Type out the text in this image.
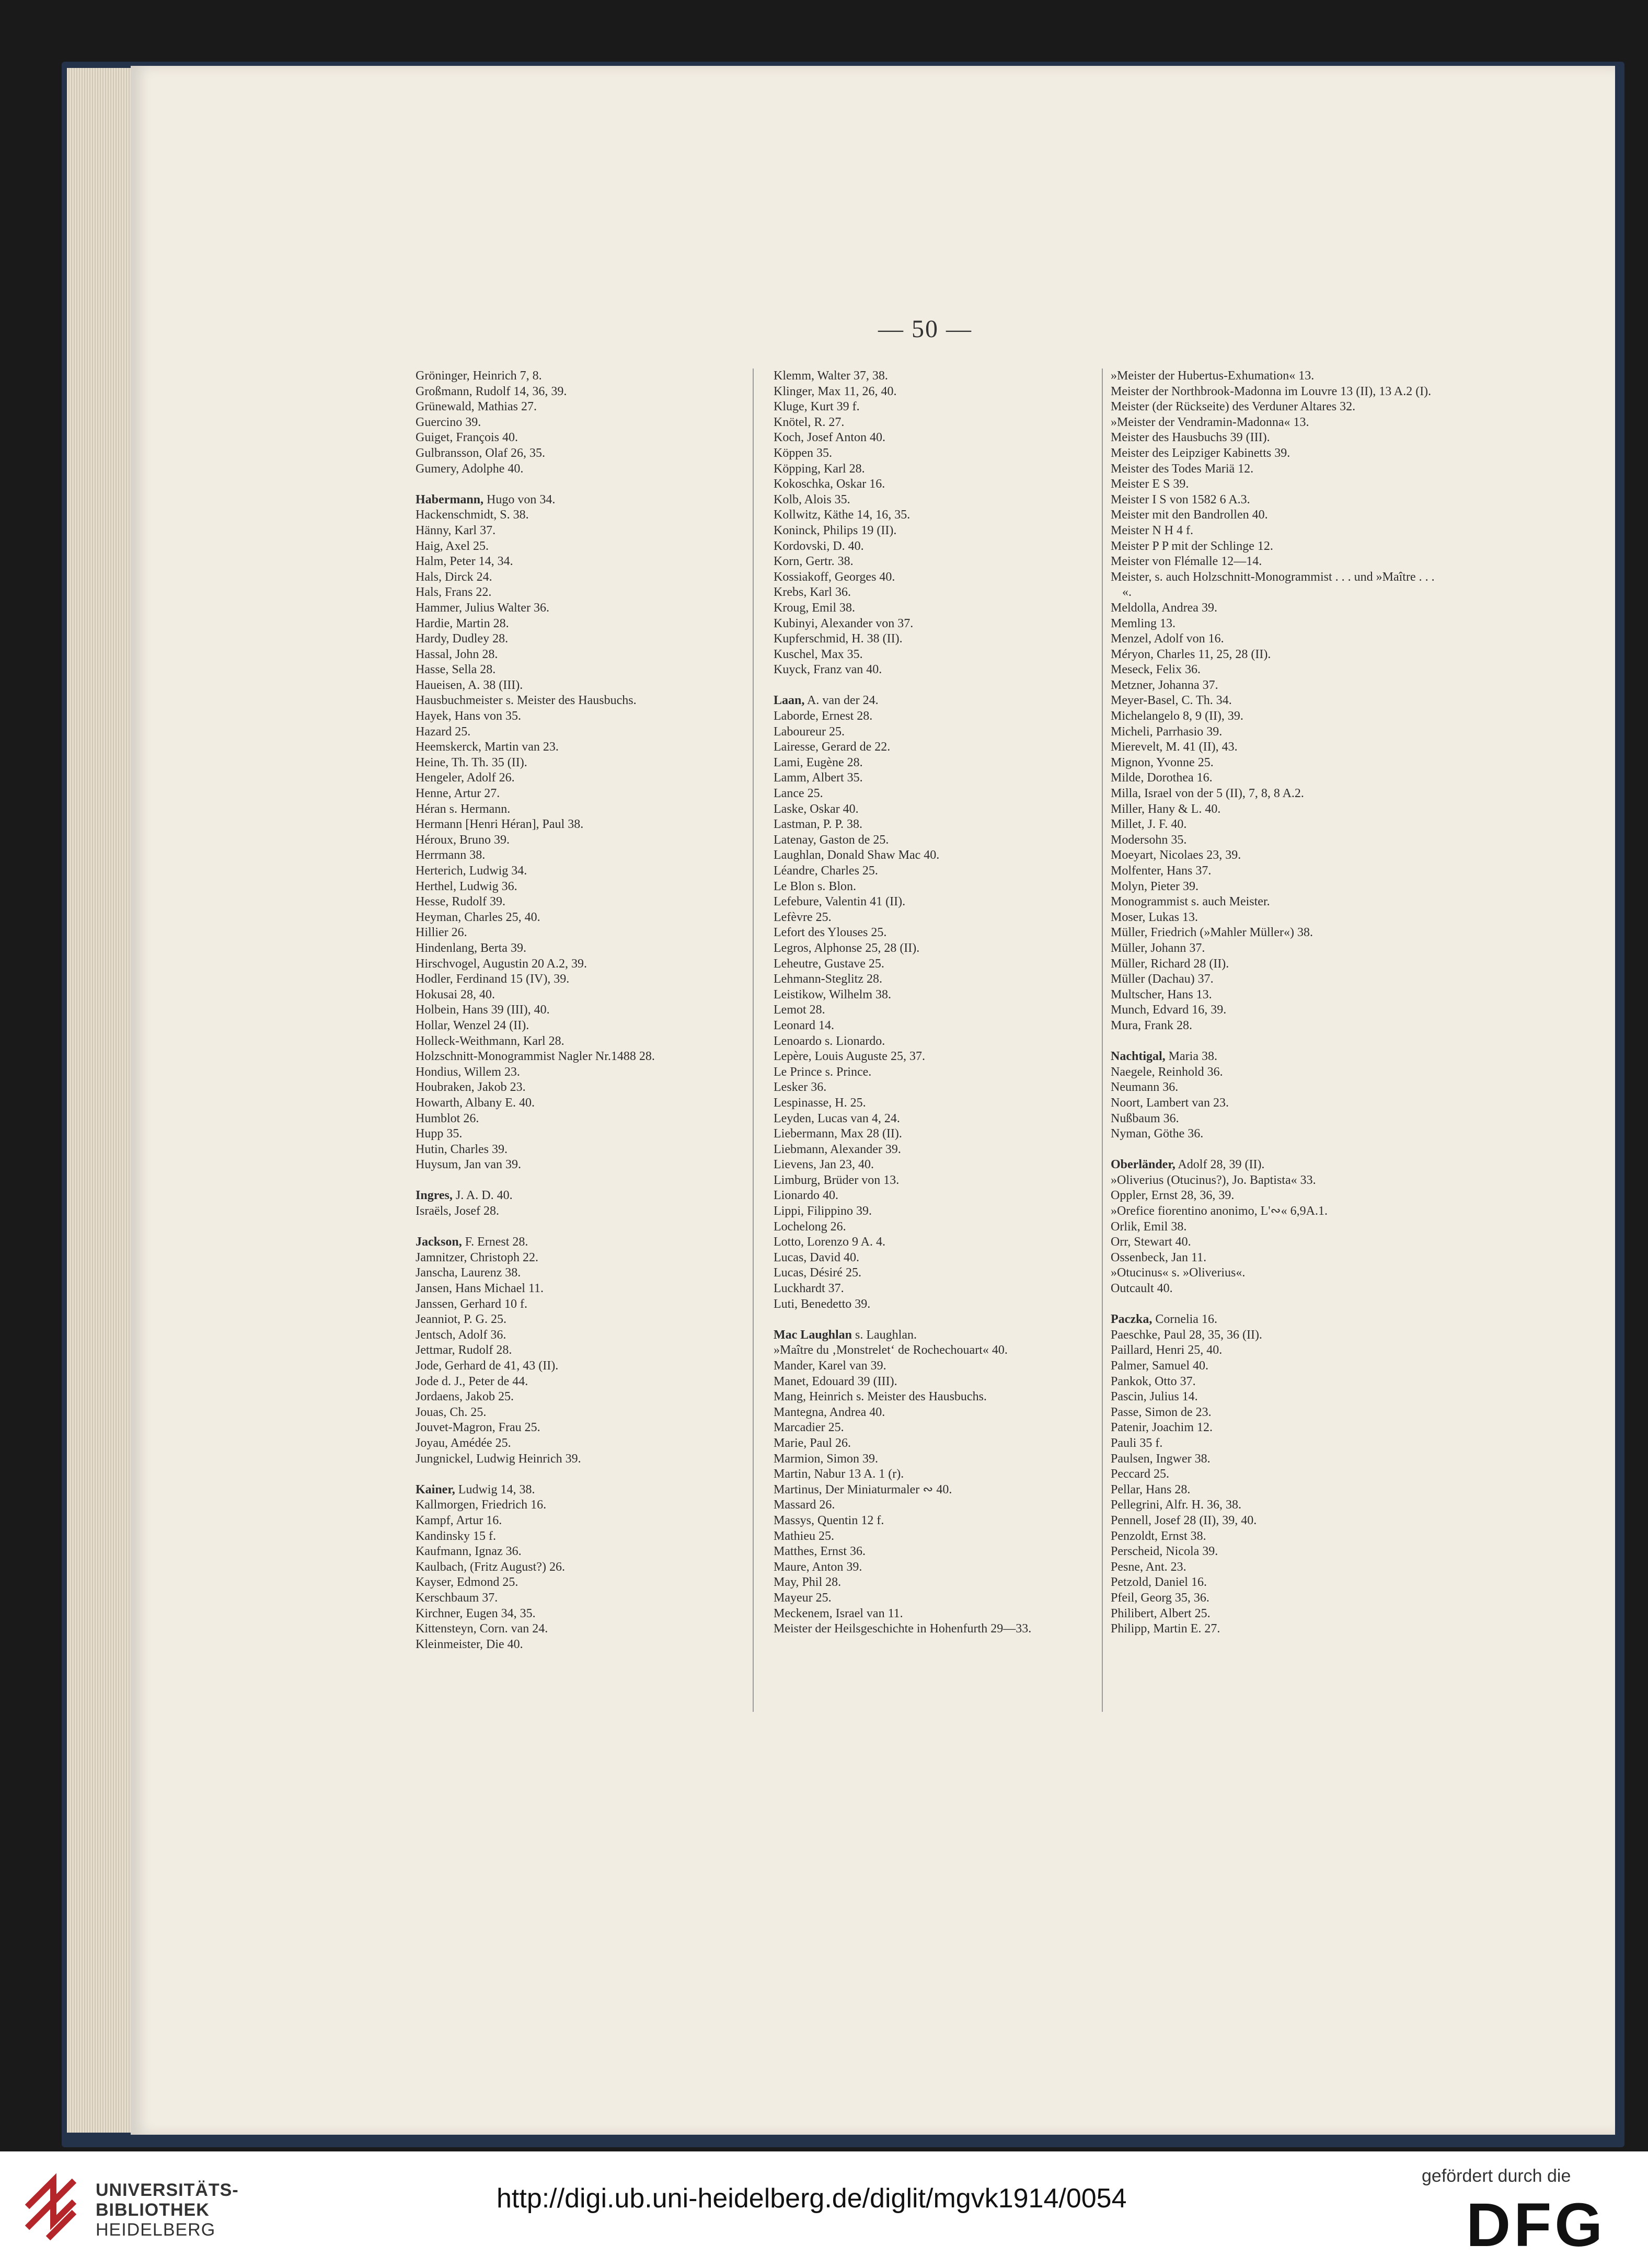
— 50 —
Gröninger, Heinrich 7, 8.
Großmann, Rudolf 14, 36, 39.
Grünewald, Mathias 27.
Guercino 39.
Guiget, François 40.
Gulbransson, Olaf 26, 35.
Gumery, Adolphe 40.
Habermann, Hugo von 34.
Hackenschmidt, S. 38.
Hänny, Karl 37.
Haig, Axel 25.
Halm, Peter 14, 34.
Hals, Dirck 24.
Hals, Frans 22.
Hammer, Julius Walter 36.
Hardie, Martin 28.
Hardy, Dudley 28.
Hassal, John 28.
Hasse, Sella 28.
Haueisen, A. 38 (III).
Hausbuchmeister s. Meister des Hausbuchs.
Hayek, Hans von 35.
Hazard 25.
Heemskerck, Martin van 23.
Heine, Th. Th. 35 (II).
Hengeler, Adolf 26.
Henne, Artur 27.
Héran s. Hermann.
Hermann [Henri Héran], Paul 38.
Héroux, Bruno 39.
Herrmann 38.
Herterich, Ludwig 34.
Herthel, Ludwig 36.
Hesse, Rudolf 39.
Heyman, Charles 25, 40.
Hillier 26.
Hindenlang, Berta 39.
Hirschvogel, Augustin 20 A.2, 39.
Hodler, Ferdinand 15 (IV), 39.
Hokusai 28, 40.
Holbein, Hans 39 (III), 40.
Hollar, Wenzel 24 (II).
Holleck-Weithmann, Karl 28.
Holzschnitt-Monogrammist Nagler Nr.1488 28.
Hondius, Willem 23.
Houbraken, Jakob 23.
Howarth, Albany E. 40.
Humblot 26.
Hupp 35.
Hutin, Charles 39.
Huysum, Jan van 39.
Ingres, J. A. D. 40.
Israëls, Josef 28.
Jackson, F. Ernest 28.
Jamnitzer, Christoph 22.
Janscha, Laurenz 38.
Jansen, Hans Michael 11.
Janssen, Gerhard 10 f.
Jeanniot, P. G. 25.
Jentsch, Adolf 36.
Jettmar, Rudolf 28.
Jode, Gerhard de 41, 43 (II).
Jode d. J., Peter de 44.
Jordaens, Jakob 25.
Jouas, Ch. 25.
Jouvet-Magron, Frau 25.
Joyau, Amédée 25.
Jungnickel, Ludwig Heinrich 39.
Kainer, Ludwig 14, 38.
Kallmorgen, Friedrich 16.
Kampf, Artur 16.
Kandinsky 15 f.
Kaufmann, Ignaz 36.
Kaulbach, (Fritz August?) 26.
Kayser, Edmond 25.
Kerschbaum 37.
Kirchner, Eugen 34, 35.
Kittensteyn, Corn. van 24.
Kleinmeister, Die 40.
Klemm, Walter 37, 38.
Klinger, Max 11, 26, 40.
Kluge, Kurt 39 f.
Knötel, R. 27.
Koch, Josef Anton 40.
Köppen 35.
Köpping, Karl 28.
Kokoschka, Oskar 16.
Kolb, Alois 35.
Kollwitz, Käthe 14, 16, 35.
Koninck, Philips 19 (II).
Kordovski, D. 40.
Korn, Gertr. 38.
Kossiakoff, Georges 40.
Krebs, Karl 36.
Kroug, Emil 38.
Kubinyi, Alexander von 37.
Kupferschmid, H. 38 (II).
Kuschel, Max 35.
Kuyck, Franz van 40.
Laan, A. van der 24.
Laborde, Ernest 28.
Laboureur 25.
Lairesse, Gerard de 22.
Lami, Eugène 28.
Lamm, Albert 35.
Lance 25.
Laske, Oskar 40.
Lastman, P. P. 38.
Latenay, Gaston de 25.
Laughlan, Donald Shaw Mac 40.
Léandre, Charles 25.
Le Blon s. Blon.
Lefebure, Valentin 41 (II).
Lefèvre 25.
Lefort des Ylouses 25.
Legros, Alphonse 25, 28 (II).
Leheutre, Gustave 25.
Lehmann-Steglitz 28.
Leistikow, Wilhelm 38.
Lemot 28.
Leonard 14.
Lenoardo s. Lionardo.
Lepère, Louis Auguste 25, 37.
Le Prince s. Prince.
Lesker 36.
Lespinasse, H. 25.
Leyden, Lucas van 4, 24.
Liebermann, Max 28 (II).
Liebmann, Alexander 39.
Lievens, Jan 23, 40.
Limburg, Brüder von 13.
Lionardo 40.
Lippi, Filippino 39.
Lochelong 26.
Lotto, Lorenzo 9 A. 4.
Lucas, David 40.
Lucas, Désiré 25.
Luckhardt 37.
Luti, Benedetto 39.
Mac Laughlan s. Laughlan.
»Maître du ‚Monstrelet‘ de Rochechouart« 40.
Mander, Karel van 39.
Manet, Edouard 39 (III).
Mang, Heinrich s. Meister des Hausbuchs.
Mantegna, Andrea 40.
Marcadier 25.
Marie, Paul 26.
Marmion, Simon 39.
Martin, Nabur 13 A. 1 (r).
Martinus, Der Miniaturmaler ∾ 40.
Massard 26.
Massys, Quentin 12 f.
Mathieu 25.
Matthes, Ernst 36.
Maure, Anton 39.
May, Phil 28.
Mayeur 25.
Meckenem, Israel van 11.
Meister der Heilsgeschichte in Hohenfurth 29—33.
»Meister der Hubertus-Exhumation« 13.
Meister der Northbrook-Madonna im Louvre 13 (II), 13 A.2 (I).
Meister (der Rückseite) des Verduner Altares 32.
»Meister der Vendramin-Madonna« 13.
Meister des Hausbuchs 39 (III).
Meister des Leipziger Kabinetts 39.
Meister des Todes Mariä 12.
Meister E S 39.
Meister I S von 1582 6 A.3.
Meister mit den Bandrollen 40.
Meister N H 4 f.
Meister P P mit der Schlinge 12.
Meister von Flémalle 12—14.
Meister, s. auch Holzschnitt-Monogrammist . . . und »Maître . . . «.
Meldolla, Andrea 39.
Memling 13.
Menzel, Adolf von 16.
Méryon, Charles 11, 25, 28 (II).
Meseck, Felix 36.
Metzner, Johanna 37.
Meyer-Basel, C. Th. 34.
Michelangelo 8, 9 (II), 39.
Micheli, Parrhasio 39.
Mierevelt, M. 41 (II), 43.
Mignon, Yvonne 25.
Milde, Dorothea 16.
Milla, Israel von der 5 (II), 7, 8, 8 A.2.
Miller, Hany & L. 40.
Millet, J. F. 40.
Modersohn 35.
Moeyart, Nicolaes 23, 39.
Molfenter, Hans 37.
Molyn, Pieter 39.
Monogrammist s. auch Meister.
Moser, Lukas 13.
Müller, Friedrich (»Mahler Müller«) 38.
Müller, Johann 37.
Müller, Richard 28 (II).
Müller (Dachau) 37.
Multscher, Hans 13.
Munch, Edvard 16, 39.
Mura, Frank 28.
Nachtigal, Maria 38.
Naegele, Reinhold 36.
Neumann 36.
Noort, Lambert van 23.
Nußbaum 36.
Nyman, Göthe 36.
Oberländer, Adolf 28, 39 (II).
»Oliverius (Otucinus?), Jo. Baptista« 33.
Oppler, Ernst 28, 36, 39.
»Orefice fiorentino anonimo, L'∾« 6,9A.1.
Orlik, Emil 38.
Orr, Stewart 40.
Ossenbeck, Jan 11.
»Otucinus« s. »Oliverius«.
Outcault 40.
Paczka, Cornelia 16.
Paeschke, Paul 28, 35, 36 (II).
Paillard, Henri 25, 40.
Palmer, Samuel 40.
Pankok, Otto 37.
Pascin, Julius 14.
Passe, Simon de 23.
Patenir, Joachim 12.
Pauli 35 f.
Paulsen, Ingwer 38.
Peccard 25.
Pellar, Hans 28.
Pellegrini, Alfr. H. 36, 38.
Pennell, Josef 28 (II), 39, 40.
Penzoldt, Ernst 38.
Perscheid, Nicola 39.
Pesne, Ant. 23.
Petzold, Daniel 16.
Pfeil, Georg 35, 36.
Philibert, Albert 25.
Philipp, Martin E. 27.
UNIVERSITÄTS-
BIBLIOTHEK
HEIDELBERG
http://digi.ub.uni-heidelberg.de/diglit/mgvk1914/0054
gefördert durch die
DFG
